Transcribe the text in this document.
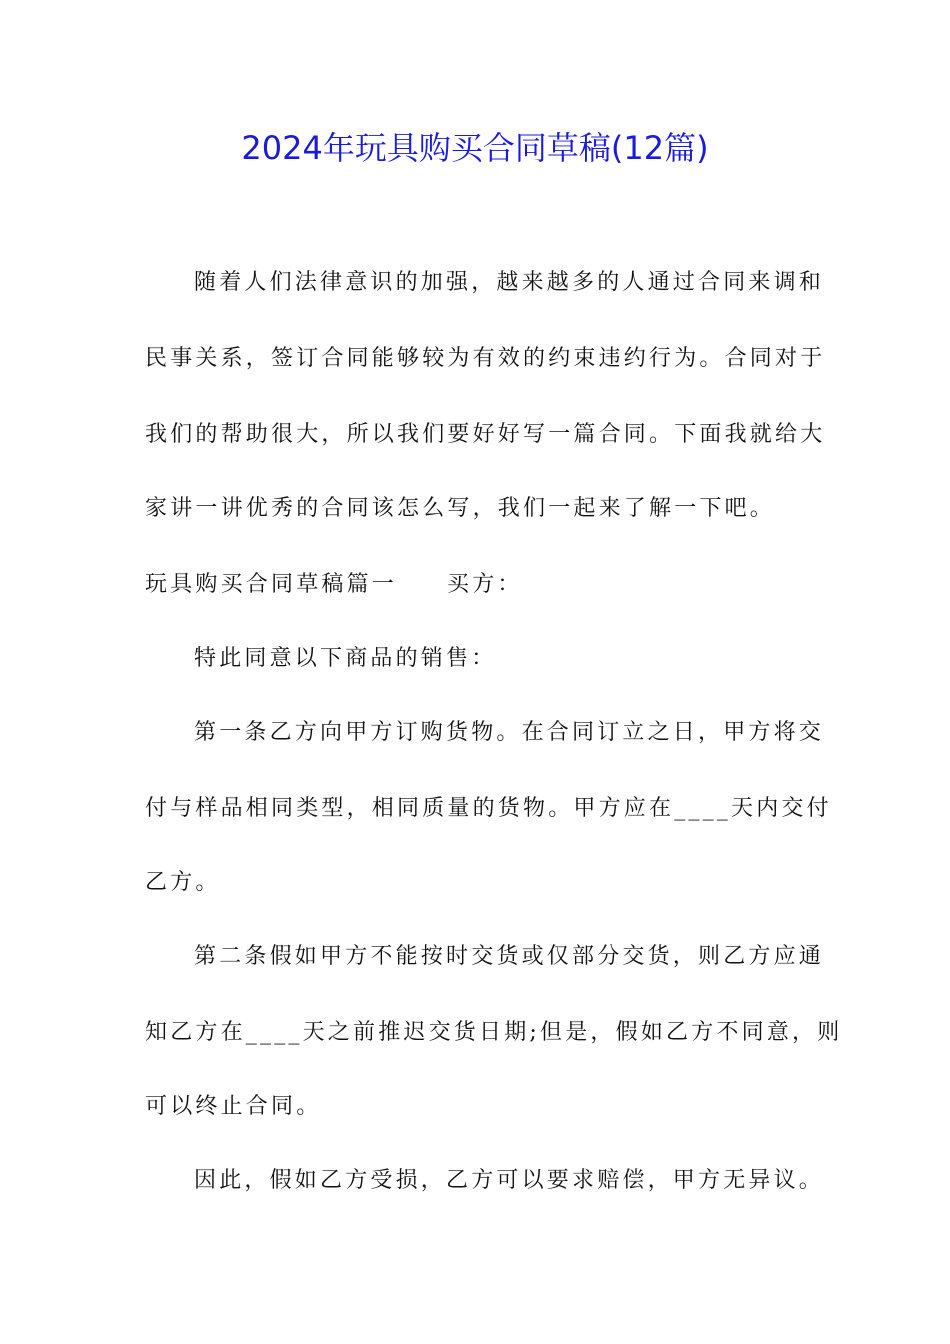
2024年玩具购买合同草稿(12篇)
随着人们法律意识的加强，越来越多的人通过合同来调和
民事关系，签订合同能够较为有效的约束违约行为。合同对于
我们的帮助很大，所以我们要好好写一篇合同。下面我就给大
家讲一讲优秀的合同该怎么写，我们一起来了解一下吧。
玩具购买合同草稿篇一 买方：
特此同意以下商品的销售：
第一条乙方向甲方订购货物。在合同订立之日，甲方将交
付与样品相同类型，相同质量的货物。甲方应在____天内交付
乙方。
第二条假如甲方不能按时交货或仅部分交货，则乙方应通
知乙方在____天之前推迟交货日期;但是，假如乙方不同意，则
可以终止合同。
因此，假如乙方受损，乙方可以要求赔偿，甲方无异议。
